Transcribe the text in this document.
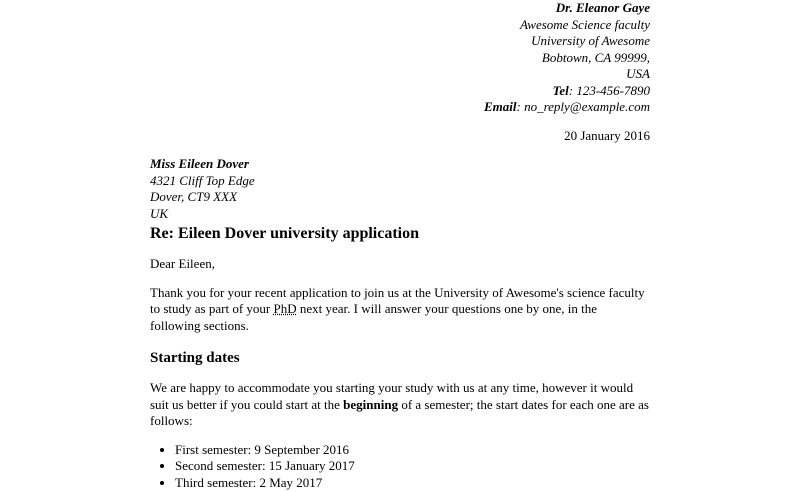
Dr. Eleanor Gaye
Awesome Science faculty
University of Awesome
Bobtown, CA 99999,
USA
Tel: 123-456-7890
Email: no_reply@example.com
20 January 2016
Miss Eileen Dover
4321 Cliff Top Edge
Dover, CT9 XXX
UK
Re: Eileen Dover university application

Dear Eileen,

Thank you for your recent application to join us at the University of Awesome's science faculty to study as part of your PhD next year. I will answer your questions one by one, in the following sections.

Starting dates

We are happy to accommodate you starting your study with us at any time, however it would suit us better if you could start at the beginning of a semester; the start dates for each one are as follows:

• First semester: 9 September 2016
• Second semester: 15 January 2017
• Third semester: 2 May 2017
